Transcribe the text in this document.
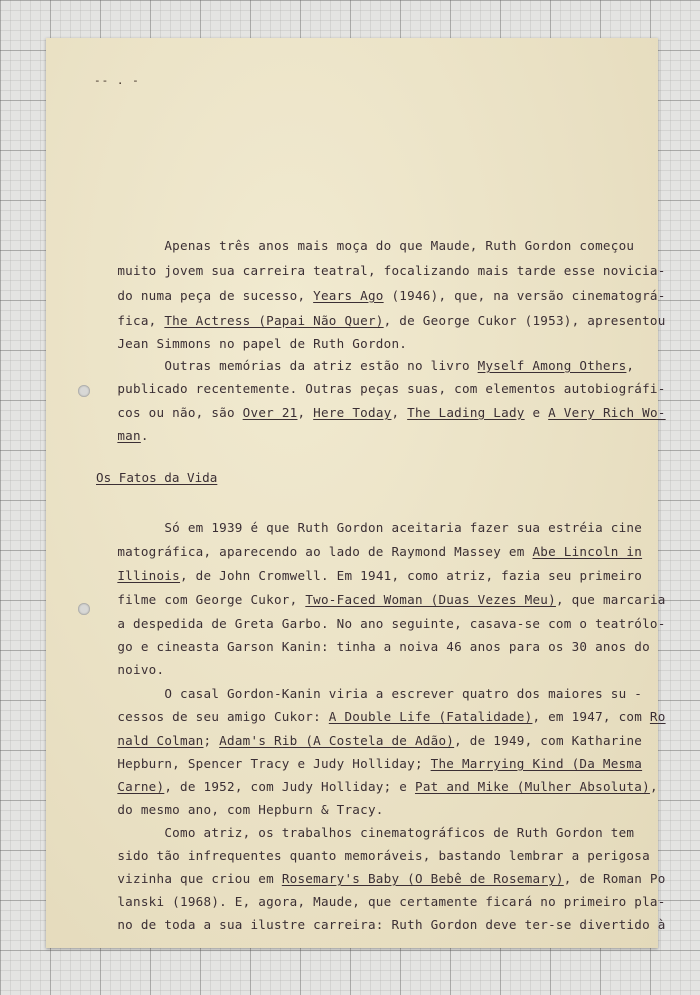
-- . -
Os Fatos da Vida
Apenas três anos mais moça do que Maude, Ruth Gordon começou
muito jovem sua carreira teatral, focalizando mais tarde esse novicia-
do numa peça de sucesso, Years Ago (1946), que, na versão cinematográ-
fica, The Actress (Papai Não Quer), de George Cukor (1953), apresentou
Jean Simmons no papel de Ruth Gordon.
Outras memórias da atriz estão no livro Myself Among Others,
publicado recentemente. Outras peças suas, com elementos autobiográfi-
cos ou não, são Over 21, Here Today, The Lading Lady e A Very Rich Wo-
man.
Só em 1939 é que Ruth Gordon aceitaria fazer sua estréia cine
matográfica, aparecendo ao lado de Raymond Massey em Abe Lincoln in
Illinois, de John Cromwell. Em 1941, como atriz, fazia seu primeiro
filme com George Cukor, Two-Faced Woman (Duas Vezes Meu), que marcaria
a despedida de Greta Garbo. No ano seguinte, casava-se com o teatrólo-
go e cineasta Garson Kanin: tinha a noiva 46 anos para os 30 anos do
noivo.
O casal Gordon-Kanin viria a escrever quatro dos maiores su -
cessos de seu amigo Cukor: A Double Life (Fatalidade), em 1947, com Ro
nald Colman; Adam's Rib (A Costela de Adão), de 1949, com Katharine
Hepburn, Spencer Tracy e Judy Holliday; The Marrying Kind (Da Mesma
Carne), de 1952, com Judy Holliday; e Pat and Mike (Mulher Absoluta),
do mesmo ano, com Hepburn & Tracy.
Como atriz, os trabalhos cinematográficos de Ruth Gordon tem
sido tão infrequentes quanto memoráveis, bastando lembrar a perigosa
vizinha que criou em Rosemary's Baby (O Bebê de Rosemary), de Roman Po
lanski (1968). E, agora, Maude, que certamente ficará no primeiro pla-
no de toda a sua ilustre carreira: Ruth Gordon deve ter-se divertido à
